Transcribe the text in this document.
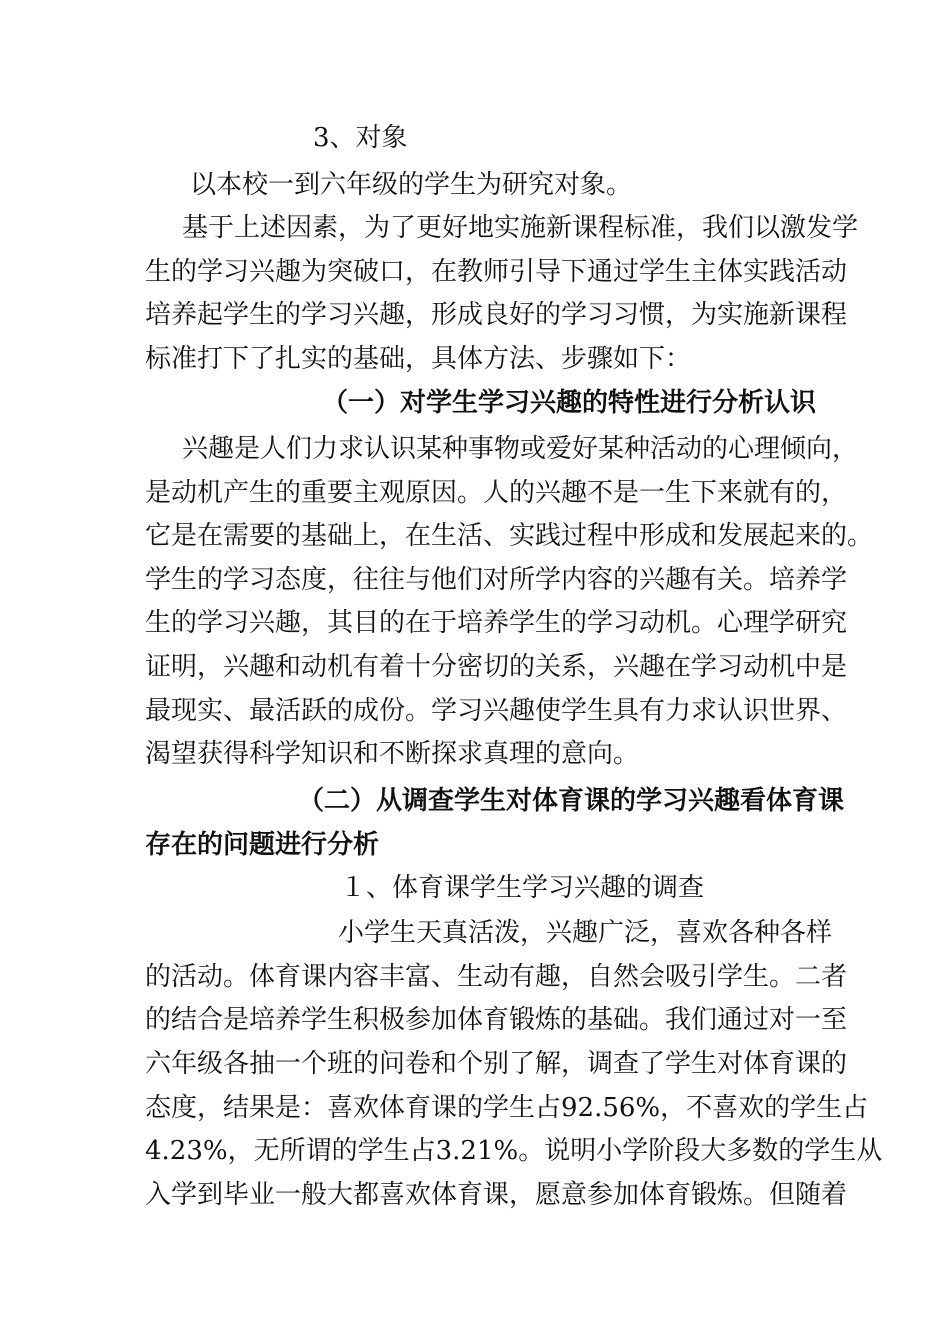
3、对象
以本校一到六年级的学生为研究对象。
基于上述因素，为了更好地实施新课程标准，我们以激发学
生的学习兴趣为突破口，在教师引导下通过学生主体实践活动
培养起学生的学习兴趣，形成良好的学习习惯，为实施新课程
标准打下了扎实的基础，具体方法、步骤如下：
（一）对学生学习兴趣的特性进行分析认识
兴趣是人们力求认识某种事物或爱好某种活动的心理倾向，
是动机产生的重要主观原因。人的兴趣不是一生下来就有的，
它是在需要的基础上，在生活、实践过程中形成和发展起来的。
学生的学习态度，往往与他们对所学内容的兴趣有关。培养学
生的学习兴趣，其目的在于培养学生的学习动机。心理学研究
证明，兴趣和动机有着十分密切的关系，兴趣在学习动机中是
最现实、最活跃的成份。学习兴趣使学生具有力求认识世界、
渴望获得科学知识和不断探求真理的意向。
（二）从调查学生对体育课的学习兴趣看体育课
存在的问题进行分析
１、体育课学生学习兴趣的调查
小学生天真活泼，兴趣广泛，喜欢各种各样
的活动。体育课内容丰富、生动有趣，自然会吸引学生。二者
的结合是培养学生积极参加体育锻炼的基础。我们通过对一至
六年级各抽一个班的问卷和个别了解，调查了学生对体育课的
态度，结果是：喜欢体育课的学生占92.56%，不喜欢的学生占
4.23%，无所谓的学生占3.21%。说明小学阶段大多数的学生从
入学到毕业一般大都喜欢体育课，愿意参加体育锻炼。但随着
